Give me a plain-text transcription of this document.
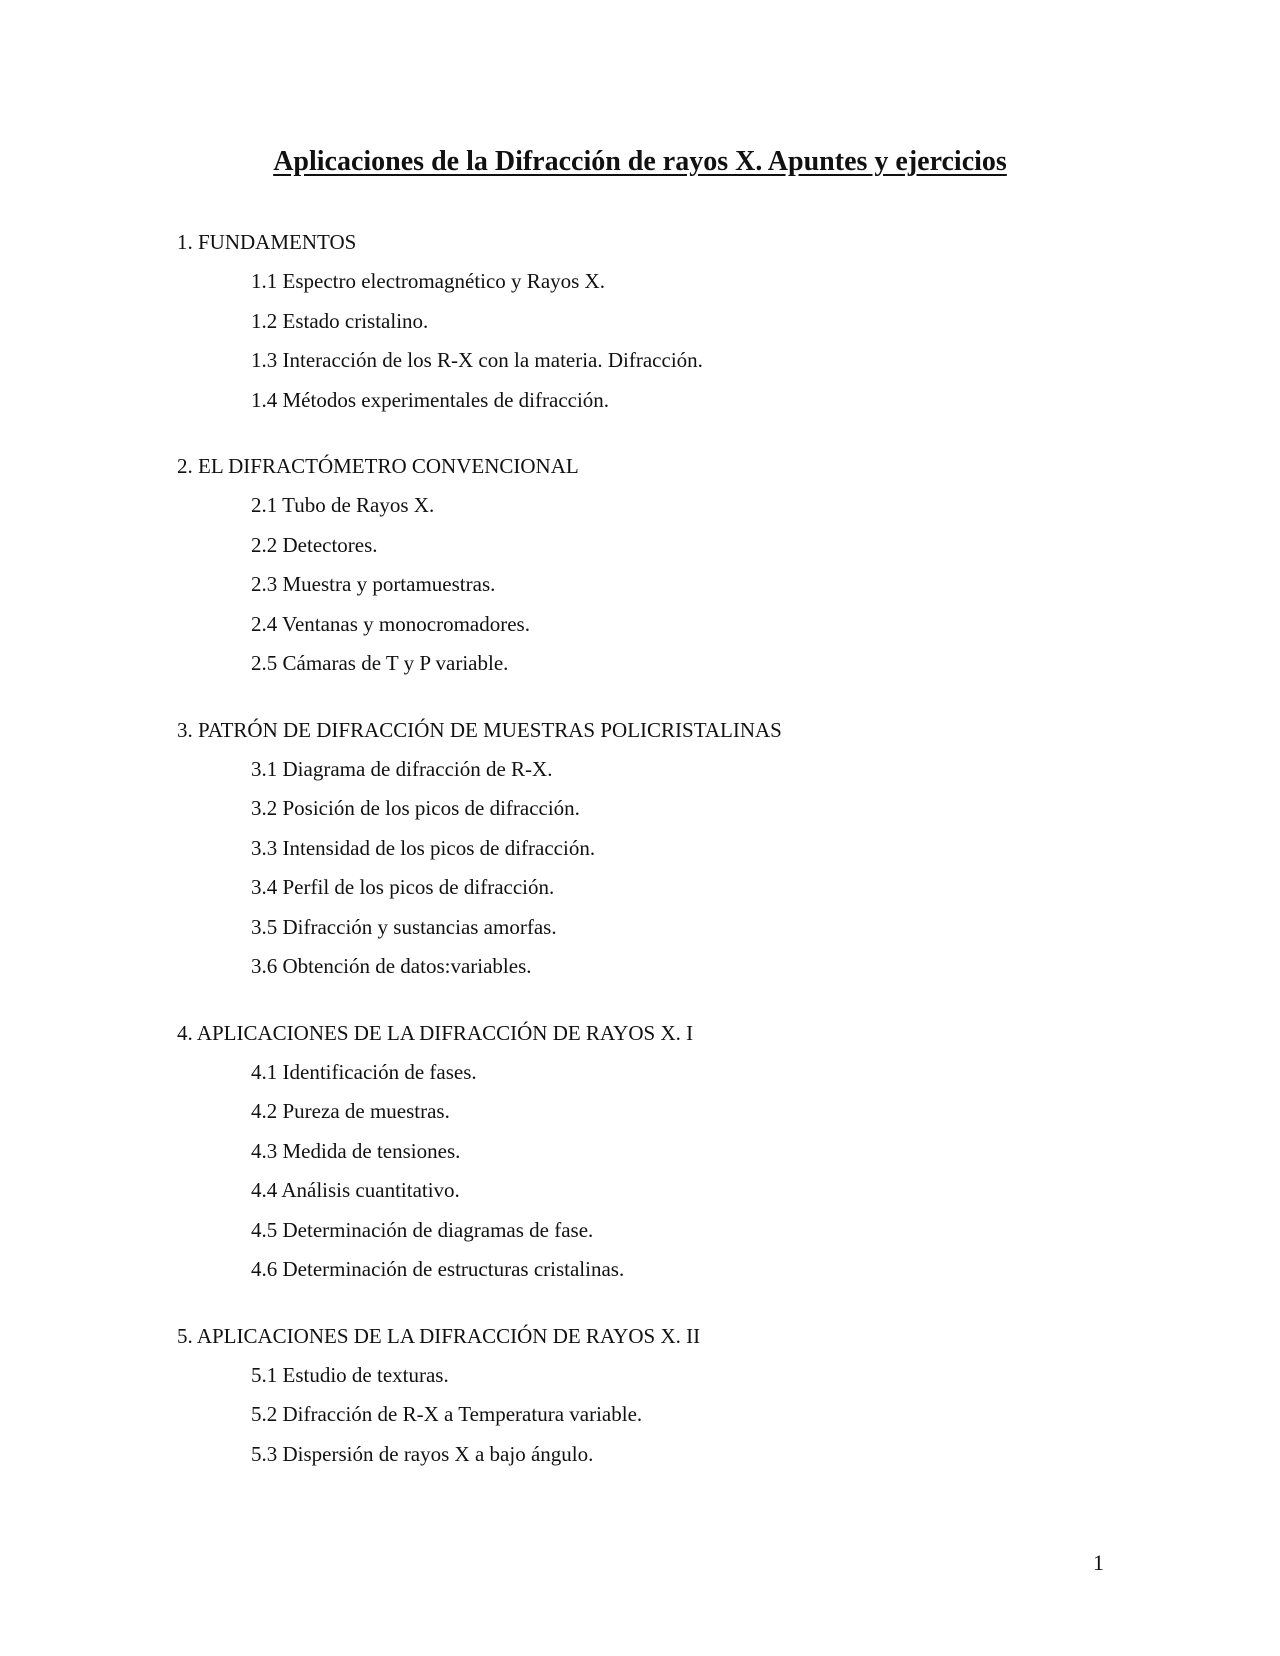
Aplicaciones de la Difracción de rayos X. Apuntes y ejercicios
1. FUNDAMENTOS
1.1 Espectro electromagnético y Rayos X.
1.2 Estado cristalino.
1.3 Interacción de los R-X con la materia. Difracción.
1.4 Métodos experimentales de difracción.
2. EL DIFRACTÓMETRO CONVENCIONAL
2.1 Tubo de Rayos X.
2.2 Detectores.
2.3 Muestra y portamuestras.
2.4 Ventanas y monocromadores.
2.5 Cámaras de T y P variable.
3. PATRÓN DE DIFRACCIÓN DE MUESTRAS POLICRISTALINAS
3.1 Diagrama de difracción de R-X.
3.2 Posición de los picos de difracción.
3.3 Intensidad de los picos de difracción.
3.4 Perfil de los picos de difracción.
3.5 Difracción y sustancias amorfas.
3.6 Obtención de datos:variables.
4. APLICACIONES DE LA DIFRACCIÓN DE RAYOS X. I
4.1 Identificación de fases.
4.2 Pureza de muestras.
4.3 Medida de tensiones.
4.4 Análisis cuantitativo.
4.5 Determinación de diagramas de fase.
4.6 Determinación de estructuras cristalinas.
5. APLICACIONES DE LA DIFRACCIÓN DE RAYOS X. II
5.1 Estudio de texturas.
5.2 Difracción de R-X a Temperatura variable.
5.3 Dispersión de rayos X a bajo ángulo.
1
